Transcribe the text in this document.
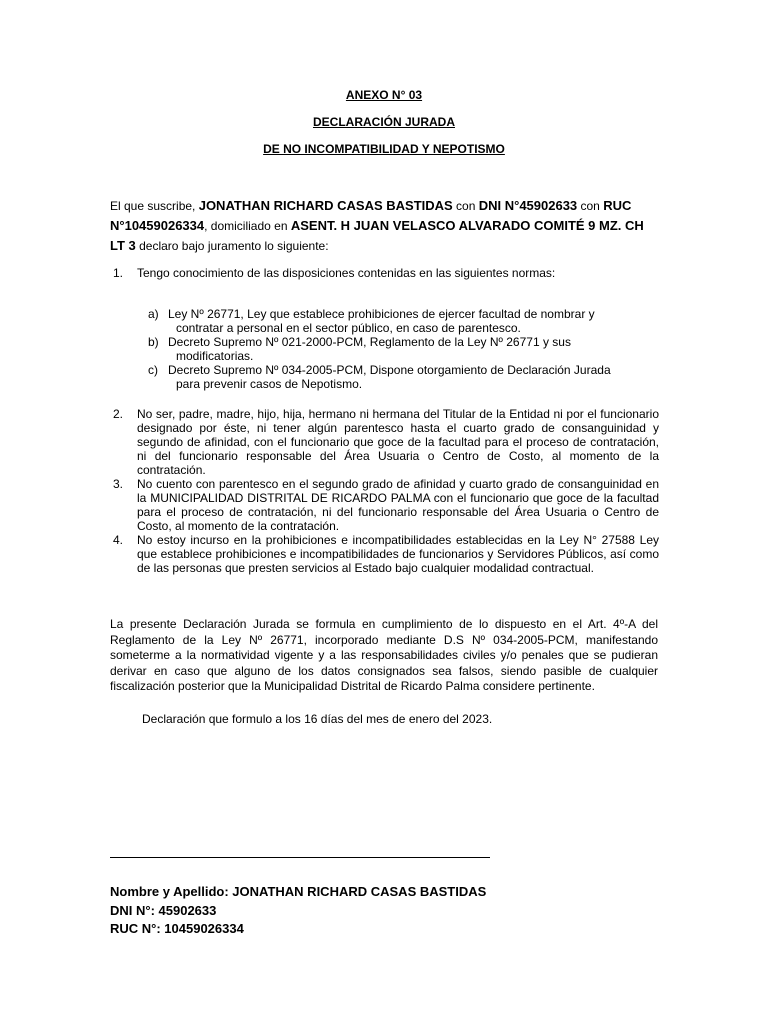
ANEXO N° 03
DECLARACIÓN JURADA
DE NO INCOMPATIBILIDAD Y NEPOTISMO
El que suscribe, JONATHAN RICHARD CASAS BASTIDAS con DNI N°45902633 con RUC N°10459026334, domiciliado en ASENT. H JUAN VELASCO ALVARADO COMITÉ 9 MZ. CH LT 3 declaro bajo juramento lo siguiente:
1.	Tengo conocimiento de las disposiciones contenidas en las siguientes normas:
a) Ley Nº 26771, Ley que establece prohibiciones de ejercer facultad de nombrar y
contratar a personal en el sector público, en caso de parentesco.
b) Decreto Supremo Nº 021-2000-PCM, Reglamento de la Ley Nº 26771 y sus
modificatorias.
c) Decreto Supremo Nº 034-2005-PCM, Dispone otorgamiento de Declaración Jurada
para prevenir casos de Nepotismo.
2.	No ser, padre, madre, hijo, hija, hermano ni hermana del Titular de la Entidad ni por el funcionario designado por éste, ni tener algún parentesco hasta el cuarto grado de consanguinidad y segundo de afinidad, con el funcionario que goce de la facultad para el proceso de contratación, ni del funcionario responsable del Área Usuaria o Centro de Costo, al momento de la contratación.
3.	No cuento con parentesco en el segundo grado de afinidad y cuarto grado de consanguinidad en la MUNICIPALIDAD DISTRITAL DE RICARDO PALMA con el funcionario que goce de la facultad para el proceso de contratación, ni del funcionario responsable del Área Usuaria o Centro de Costo, al momento de la contratación.
4.	No estoy incurso en la prohibiciones e incompatibilidades establecidas en la Ley N° 27588 Ley que establece prohibiciones e incompatibilidades de funcionarios y Servidores Públicos, así como de las personas que presten servicios al Estado bajo cualquier modalidad contractual.
La presente Declaración Jurada se formula en cumplimiento de lo dispuesto en el Art. 4º-A del Reglamento de la Ley Nº 26771, incorporado mediante D.S Nº 034-2005-PCM, manifestando someterme a la normatividad vigente y a las responsabilidades civiles y/o penales que se pudieran derivar en caso que alguno de los datos consignados sea falsos, siendo pasible de cualquier fiscalización posterior que la Municipalidad Distrital de Ricardo Palma considere pertinente.
Declaración que formulo a los 16 días del mes de enero del 2023.
Nombre y Apellido: JONATHAN RICHARD CASAS BASTIDAS
DNI N°: 45902633
RUC N°: 10459026334
